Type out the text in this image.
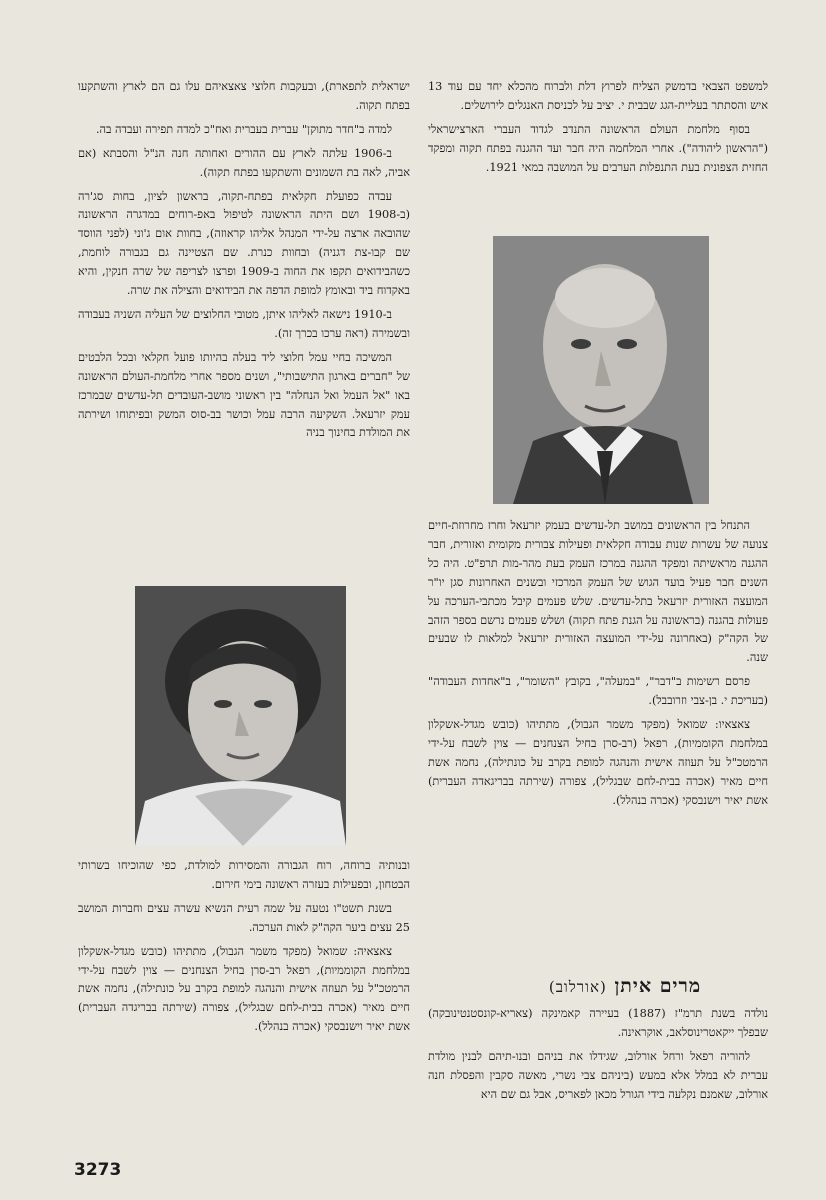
למשפט הצבאי בדמשק הצליח לפרוץ דלת ולברוח מהכלא יחד עם עוד 13 איש והסתתר בעליית-הגג שבבית י. יציב על לכניסת האנגלים לירושלים.

בסוף מלחמת העולם הראשונה התנדב לגדוד העברי הארצישראלי ("הראשון ליהודה"). אחרי המלחמה היה חבר ועד ההגנה בפתח תקוה ומפקד החזית הצפונית בעת התנפלות הערבים על המושבה במאי 1921.

התנחל בין הראשונים במושב תל-עדשים בעמק יזרעאל וחרז מחרוזת-חיים צנועה של עשרות שנות עבודה חקלאית ופעילות צבורית מקומית ואזורית, חבר ההגנה מראשיתה ומפקד ההגנה במרכז העמק בעת מהר-מות תרפ"ט. היה כל השנים חבר פעיל בועד הגוש של העמק המרכזי ובשנים האחרונות סגן יו"ר המועצה האזורית יזרעאל בתל-עדשים. שלש פעמים קיבל מכתבי-הערכה על פעולות בהגנה (בראשונה על הגנת פתח תקוה) ושלש פעמים נרשם בספר הזהב של הקה"ק (באחרונה על-ידי המועצה האזורית יזרעאל למלאות לו שבעים שנה.

פרסם רשימות ב"דבר", "במעלה", בקובץ "השומר", ב"אחדות העבודה" (בעריכת י. בן-צבי וזרובבל).

צאצאיו: שמואל (מפקד משמר הגבול), מתתיהו (כובש מגדל-אשקלון במלחמת הקוממיות), רפאל (רב-סרן בחיל הצנחנים — צוין לשבח על-ידי הרמטכ"ל על תעוזה אישית והנהגה למופת בקרב על כונתילה), נחמה אשת חיים מאיר (אכרה בבית-לחם שבגליל), צפורה (שירתה בבריגאדה העברית) אשת יאיר וישנבסקי (אכרה בנהלל).

מרים איתן (אורלוב)

נולדה בשנת תרמ"ז (1887) בעיירה קאמינקה (צאריא-קונסטנטינובקה) שבפלך ייקאטרינוסלאב, אוקראינה.

להוריה רפאל ורחל אורלוב, שגידלו את בניהם ובנו-תיהם לבנין מולדת עברית לא במלל אלא במעש (ביניהם צבי נשרי, מאשה סקבין והפסלת חנה אורלוב, שאמנם נקלעה בידי הגורל מכאן לפאריס, אבל גם שם היא

ישראלית לתפארת), ובעקבות חלוצי צאצאיהם עלו גם הם לארץ והשתקעו בפתח תקוה.

למדה ב"חדר מתוקן" עברית בעברית ואח"כ למדה תפירה ועבדה בה.

ב-1906 עלתה לארץ עם ההורים ואחותה חנה הנ"ל והסבתא (אם אביה, לאה בת השמונים והשתקעו בפתח תקוה).

עבדה כפועלת חקלאית בפתח-תקוה, בראשון לציון, בחות סג'רה (ב-1908 ושם היתה הראשונה לטיפול באפ-רוחים במדגרה הראשונה שהובאה ארצה על-ידי המנהל אליהו קראוזה), בחוות אום ג'וני (לפני הווסד שם קבו-צת דגניה) ובחוות כנרת. שם הצטיינה גם בגבורה לוחמת, כשהבידואים תקפו את החוה ב-1909 ופרצו לצריפה של שרה חנקין, והיא באקדוח ביד ובאומץ למופת הדפה את הבידואים והצילה את שרה.

ב-1910 נישאה לאליהו איתן, מטובי החלוצים של העליה השניה בעבודה ובשמירה (ראה ערכו בכרך זה).

המשיכה בחיי עמל חלוצי ליד בעלה בהיותו פועל חקלאי ובכל הלבטים של "חברים בארגון התישבותי", ושנים מספר אחרי מלחמת-העולם הראשונה באו "אל העמל ואל הנחלה" בין ראשוני מושב-העובדים תל-עדשים שבמרכז עמק יזרעאל. השקיעה הרבה עמל וכושר בב-סוס המשק ובפיתוחו ושירתה את המולדת בחינוך בניה

ובנותיה ברוחה, רוח הגבורה והמסירות למולדת, כפי שהוכיחו בשרותי הבטחון, ובפעילות בעזרה ראשונה בימי חירום.

בשנת תשט"ו נטעה על שמה רעית הנשיא עשרה עצים וחברות המושב 25 עצים ביער הקה"ק לאות הערכה.

צאצאיה: שמואל (מפקד משמר הגבול), מתתיהו (כובש מגדל-אשקלון במלחמת הקוממיות), רפאל רב-סרן בחיל הצנחנים — צוין לשבח על-ידי הרמטכ"ל על תעוזה אישית והנהגה למופת בקרב על כונתילה), נחמה אשת חיים מאיר (אכרה בבית-לחם שבגליל), צפורה (שירתה בבריגדה העברית) אשת יאיר וישנבסקי (אכרה בנהלל).

3273
